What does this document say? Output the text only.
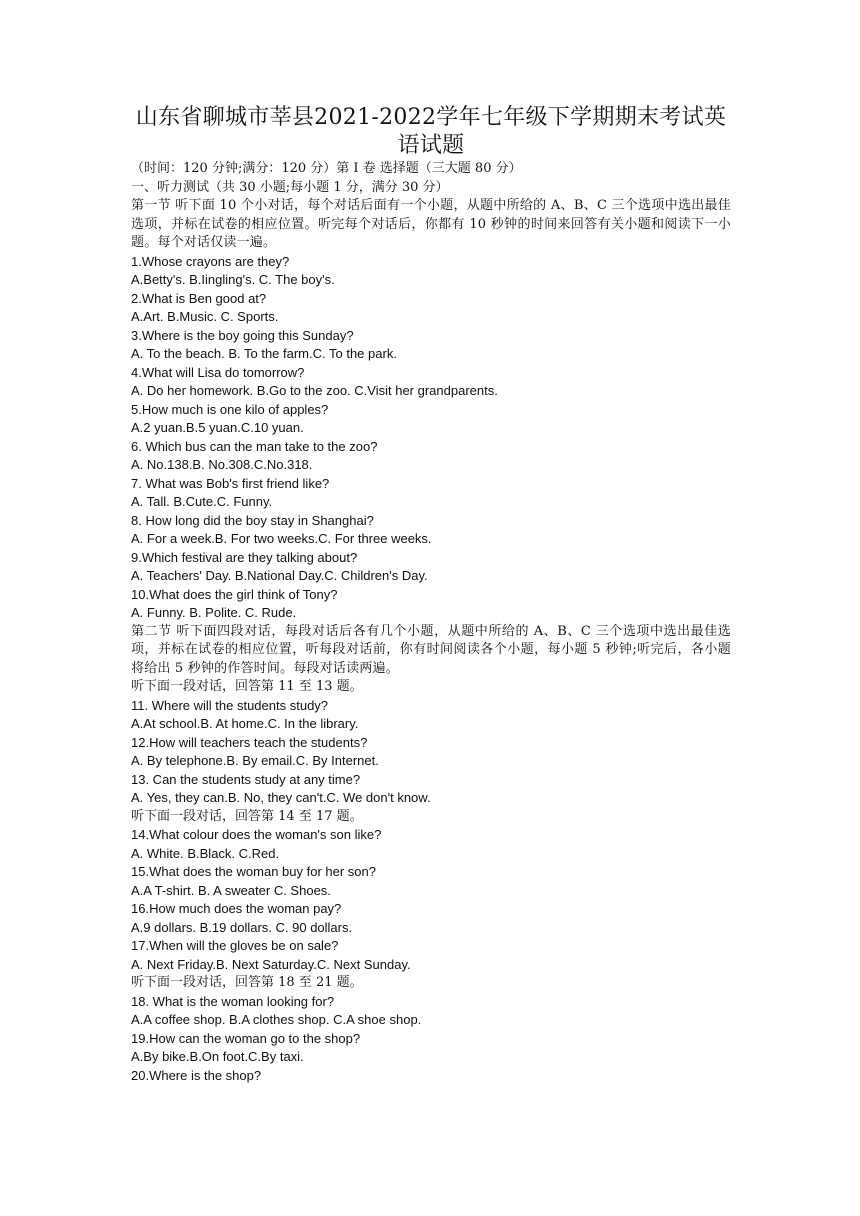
山东省聊城市莘县2021-2022学年七年级下学期期末考试英语试题

（时间：120 分钟;满分：120 分）第 Ⅰ 卷 选择题（三大题 80 分）

一、听力测试（共 30 小题;每小题 1 分，满分 30 分）

第一节 听下面 10 个小对话，每个对话后面有一个小题，从题中所给的 A、B、C 三个选项中选出最佳选项，并标在试卷的相应位置。听完每个对话后，你都有 10 秒钟的时间来回答有关小题和阅读下一小题。每个对话仅读一遍。

1.Whose crayons are they?

A.Betty's. B.Iingling's. C. The boy's.

2.What is Ben good at?

A.Art. B.Music. C. Sports.

3.Where is the boy going this Sunday?

A. To the beach. B. To the farm.C. To the park.

4.What will Lisa do tomorrow?

A. Do her homework. B.Go to the zoo. C.Visit her grandparents.

5.How much is one kilo of apples?

A.2 yuan.B.5 yuan.C.10 yuan.

6. Which bus can the man take to the zoo?

A. No.138.B. No.308.C.No.318.

7. What was Bob's first friend like?

A. Tall. B.Cute.C. Funny.

8. How long did the boy stay in Shanghai?

A. For a week.B. For two weeks.C. For three weeks.

9.Which festival are they talking about?

A. Teachers' Day. B.National Day.C. Children's Day.

10.What does the girl think of Tony?

A. Funny. B. Polite. C. Rude.

第二节 听下面四段对话，每段对话后各有几个小题，从题中所给的 A、B、C 三个选项中选出最佳选项，并标在试卷的相应位置，听每段对话前，你有时间阅读各个小题，每小题 5 秒钟;听完后，各小题将给出 5 秒钟的作答时间。每段对话读两遍。

听下面一段对话，回答第 11 至 13 题。

11. Where will the students study?

A.At school.B. At home.C. In the library.

12.How will teachers teach the students?

A. By telephone.B. By email.C. By Internet.

13. Can the students study at any time?

A. Yes, they can.B. No, they can't.C. We don't know.

听下面一段对话，回答第 14 至 17 题。

14.What colour does the woman's son like?

A. White. B.Black. C.Red.

15.What does the woman buy for her son?

A.A T-shirt. B. A sweater C. Shoes.

16.How much does the woman pay?

A.9 dollars. B.19 dollars. C. 90 dollars.

17.When will the gloves be on sale?

A. Next Friday.B. Next Saturday.C. Next Sunday.

听下面一段对话，回答第 18 至 21 题。

18. What is the woman looking for?

A.A coffee shop. B.A clothes shop. C.A shoe shop.

19.How can the woman go to the shop?

A.By bike.B.On foot.C.By taxi.

20.Where is the shop?
